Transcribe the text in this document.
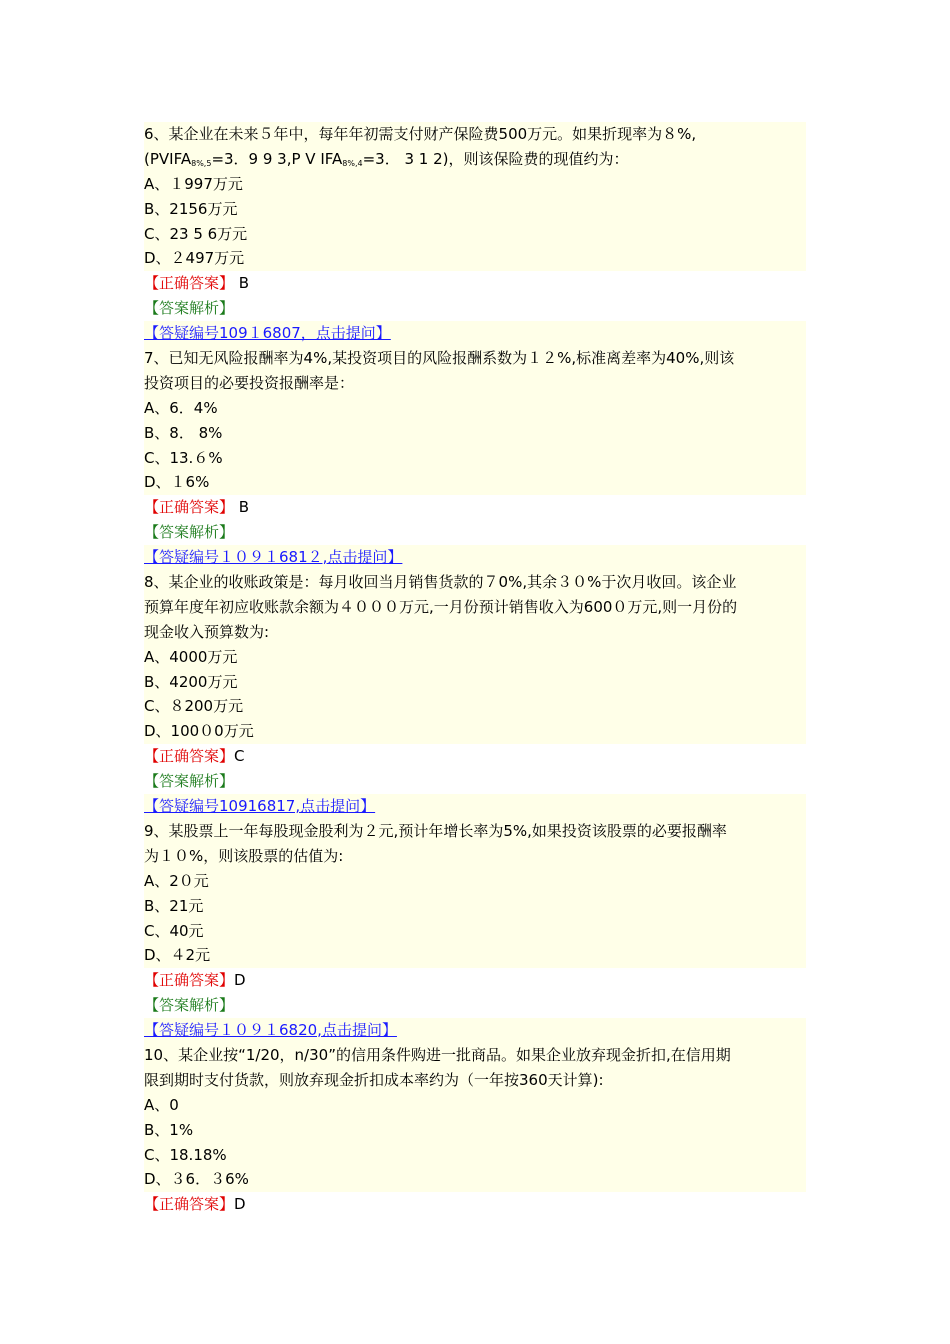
6、某企业在未来５年中，每年年初需支付财产保险费500万元。如果折现率为８%,
($PVIFA_{8\%,5}=3$．9 9 3,P V $IFA_{8\%,4}=3$． 3 1 2)，则该保险费的现值约为：
A、１997万元
B、2156万元
C、23 5 6万元
D、２497万元
【正确答案】 B
【答案解析】
【答疑编号109１6807，点击提问】
7、已知无风险报酬率为4%,某投资项目的风险报酬系数为１２%,标准离差率为40%,则该
投资项目的必要投资报酬率是：
A、6．4%
B、8． 8%
C、13.６%
D、１6%
【正确答案】 B
【答案解析】
【答疑编号１０９１681２,点击提问】
8、某企业的收账政策是：每月收回当月销售货款的７0%,其余３０%于次月收回。该企业
预算年度年初应收账款余额为４０００万元,一月份预计销售收入为600０万元,则一月份的
现金收入预算数为:
A、4000万元
B、4200万元
C、８200万元
D、100０0万元
【正确答案】C
【答案解析】
【答疑编号10916817,点击提问】
9、某股票上一年每股现金股利为２元,预计年增长率为5%,如果投资该股票的必要报酬率
为１０%，则该股票的估值为:
A、2０元
B、21元
C、40元
D、４2元
【正确答案】D
【答案解析】
【答疑编号１０９１6820,点击提问】
10、某企业按“1/20，n/30”的信用条件购进一批商品。如果企业放弃现金折扣,在信用期
限到期时支付货款，则放弃现金折扣成本率约为（一年按360天计算):
A、0
B、1%
C、18.18%
D、３6．３6%
【正确答案】D
